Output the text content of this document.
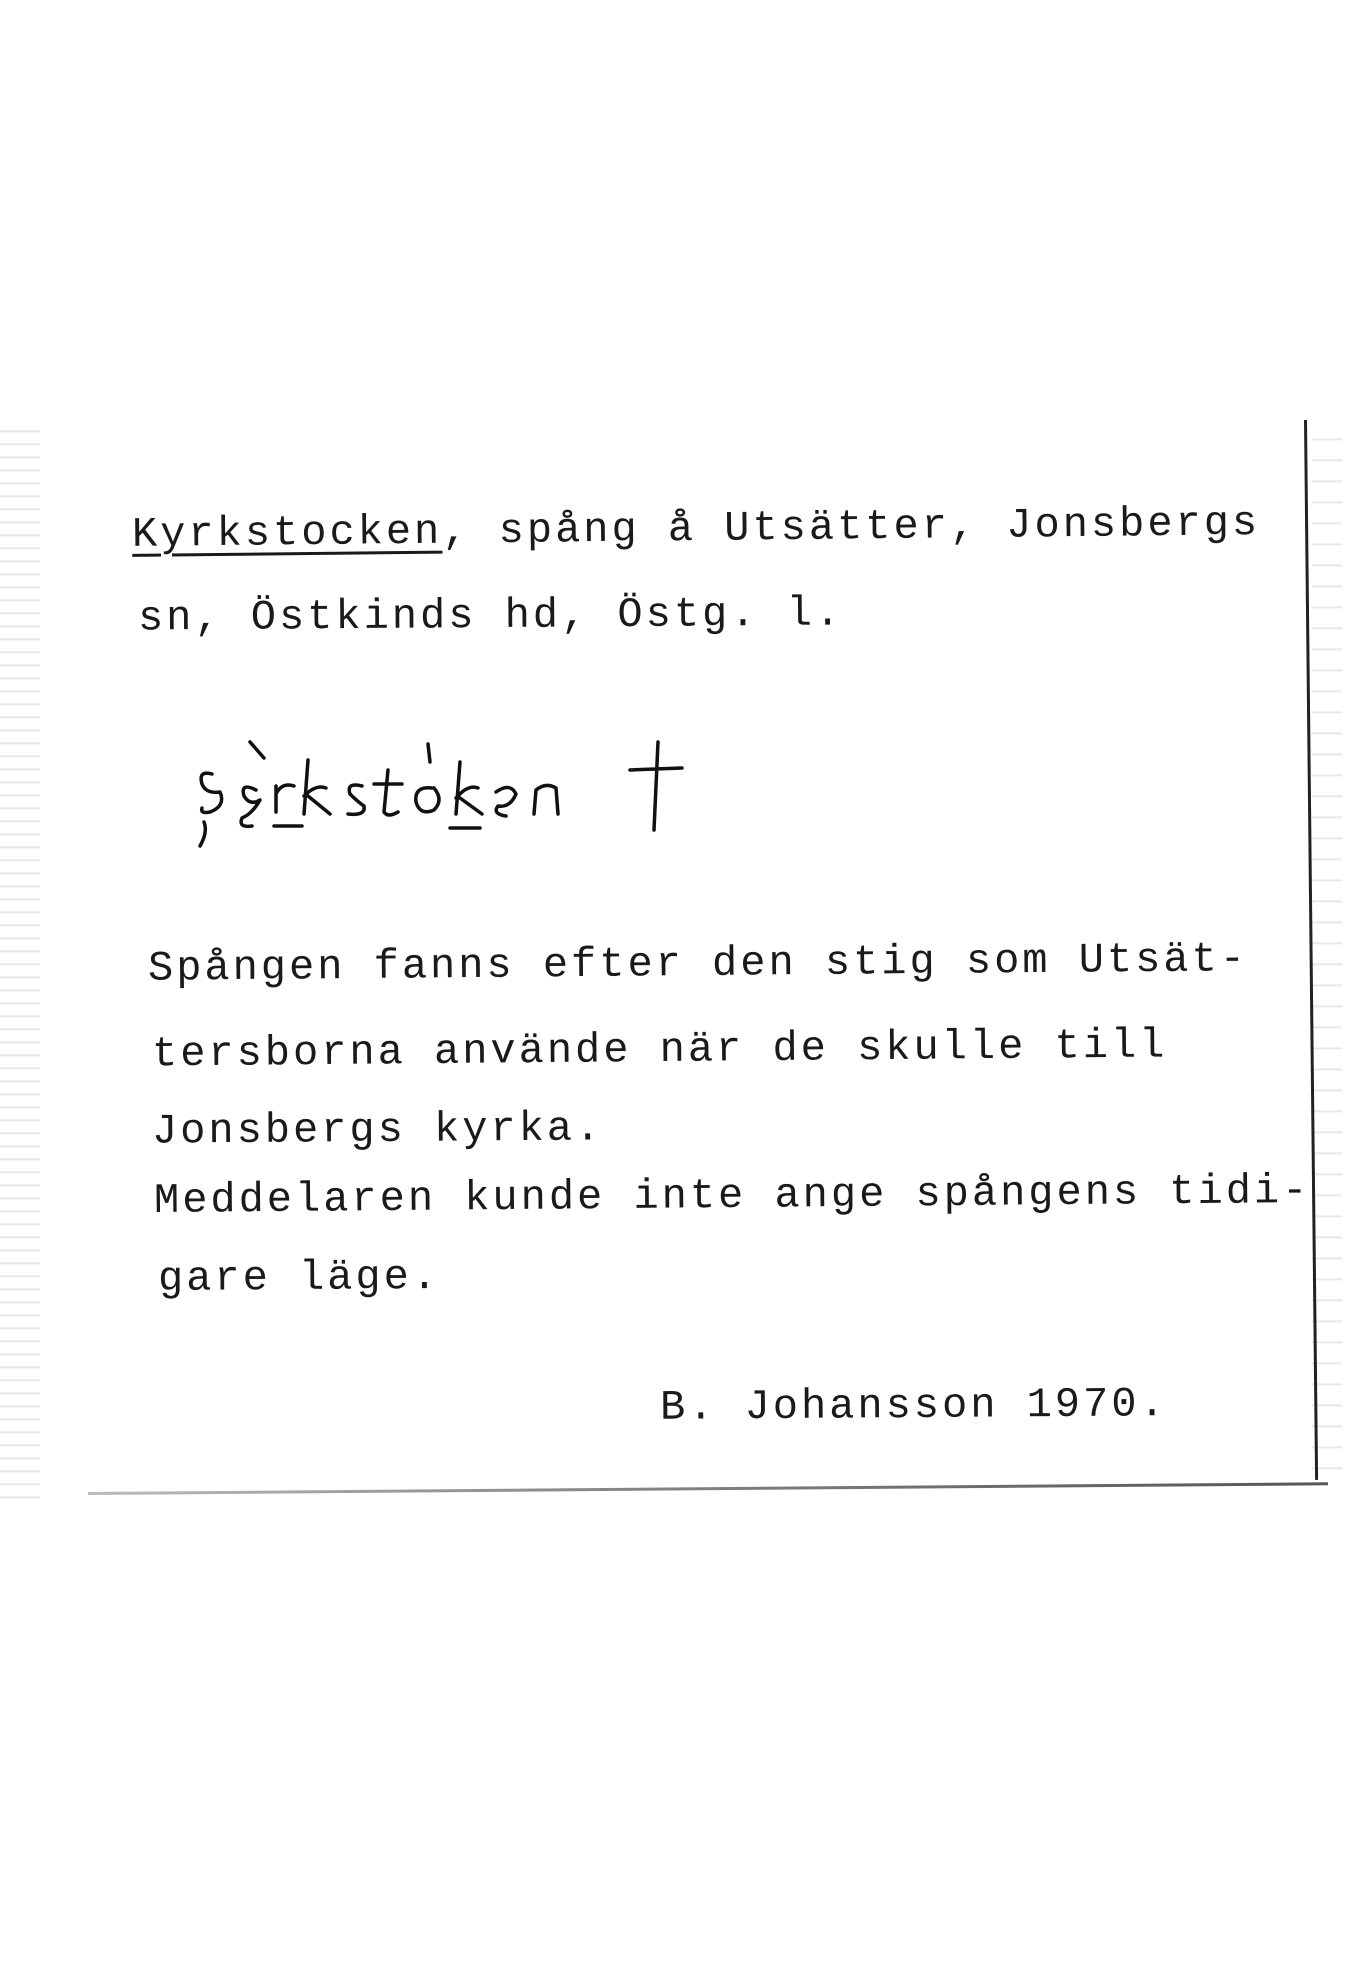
Kyrkstocken, spång å Utsätter, Jonsbergs
sn, Östkinds hd, Östg. l.
Spången fanns efter den stig som Utsät-
tersborna använde när de skulle till
Jonsbergs kyrka.
Meddelaren kunde inte ange spångens tidi-
gare läge.
B. Johansson 1970.
